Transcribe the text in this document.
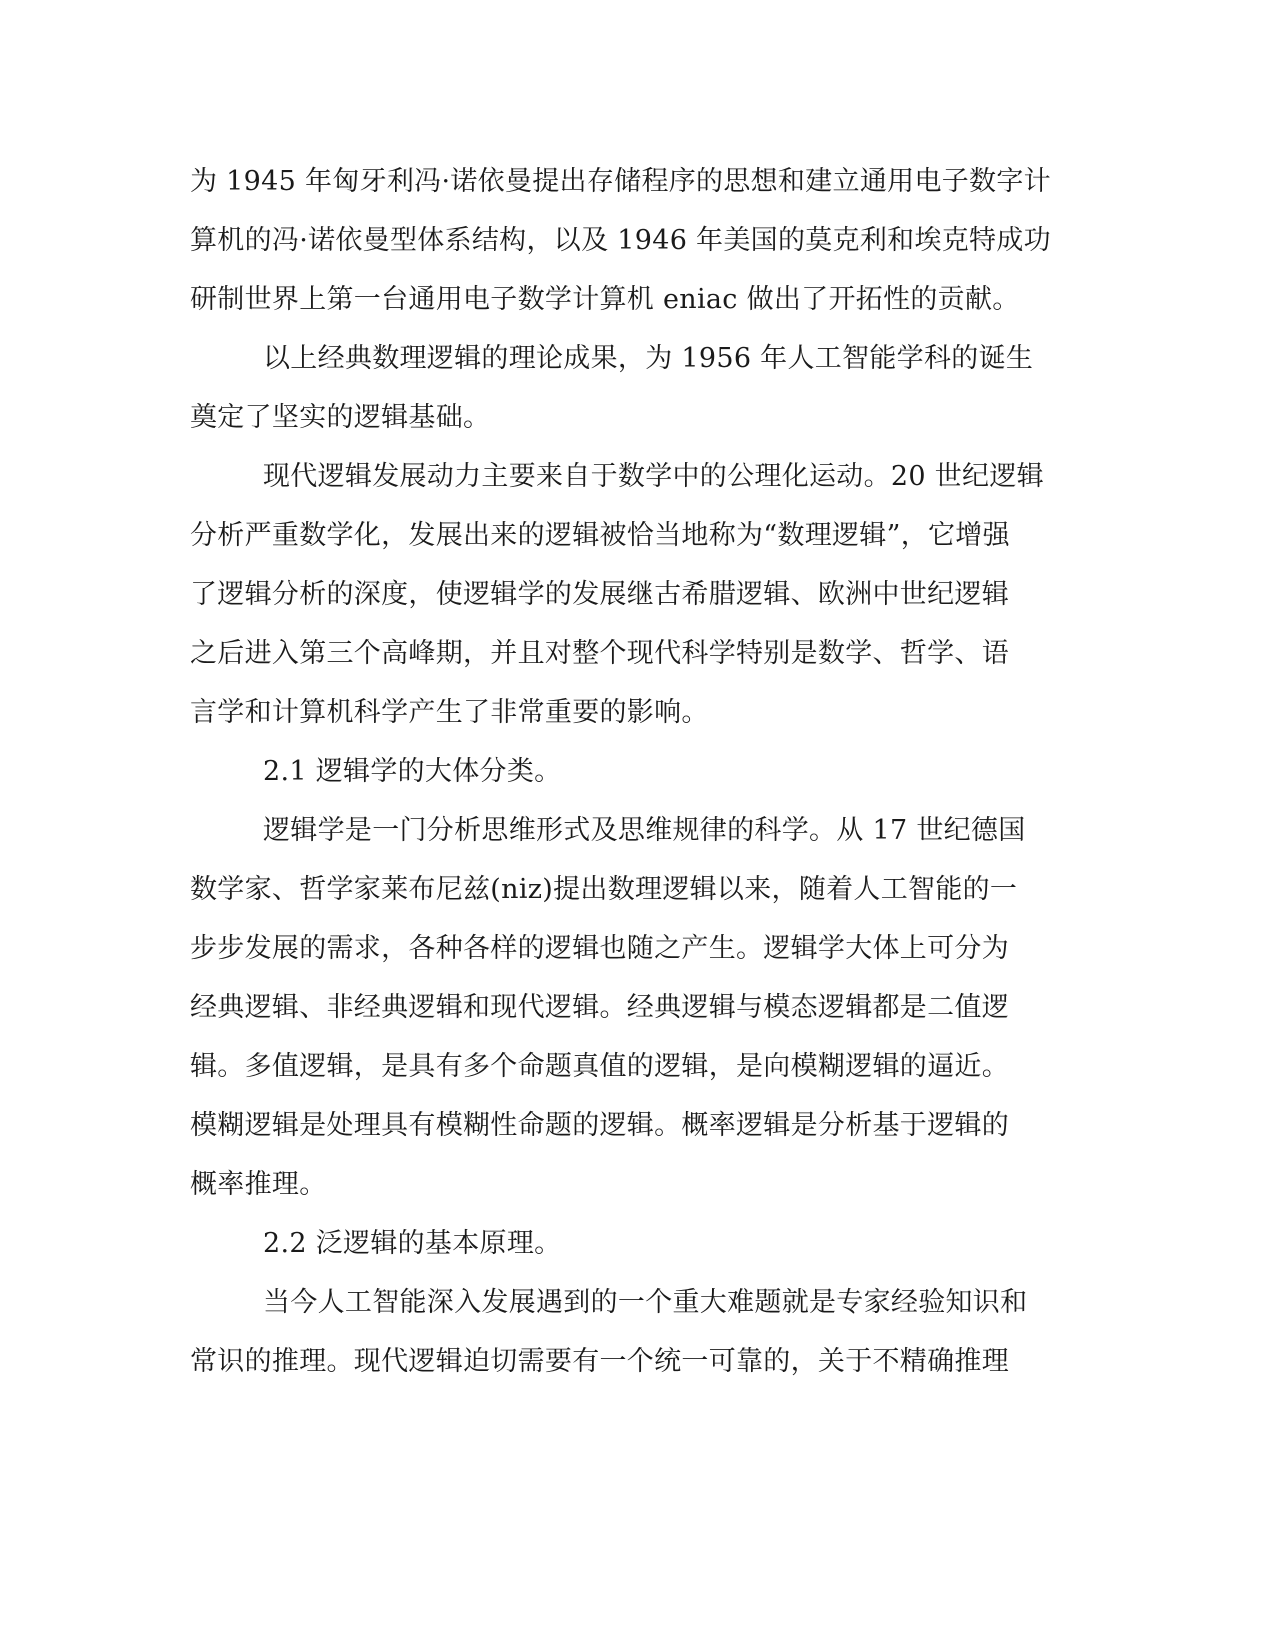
为 1945 年匈牙利冯·诺依曼提出存储程序的思想和建立通用电子数字计

算机的冯·诺依曼型体系结构，以及 1946 年美国的莫克利和埃克特成功

研制世界上第一台通用电子数学计算机 eniac 做出了开拓性的贡献。

以上经典数理逻辑的理论成果，为 1956 年人工智能学科的诞生

奠定了坚实的逻辑基础。

现代逻辑发展动力主要来自于数学中的公理化运动。20 世纪逻辑

分析严重数学化，发展出来的逻辑被恰当地称为“数理逻辑”，它增强

了逻辑分析的深度，使逻辑学的发展继古希腊逻辑、欧洲中世纪逻辑

之后进入第三个高峰期，并且对整个现代科学特别是数学、哲学、语

言学和计算机科学产生了非常重要的影响。

2.1 逻辑学的大体分类。

逻辑学是一门分析思维形式及思维规律的科学。从 17 世纪德国

数学家、哲学家莱布尼兹(niz)提出数理逻辑以来，随着人工智能的一

步步发展的需求，各种各样的逻辑也随之产生。逻辑学大体上可分为

经典逻辑、非经典逻辑和现代逻辑。经典逻辑与模态逻辑都是二值逻

辑。多值逻辑，是具有多个命题真值的逻辑，是向模糊逻辑的逼近。

模糊逻辑是处理具有模糊性命题的逻辑。概率逻辑是分析基于逻辑的

概率推理。

2.2 泛逻辑的基本原理。

当今人工智能深入发展遇到的一个重大难题就是专家经验知识和

常识的推理。现代逻辑迫切需要有一个统一可靠的，关于不精确推理
